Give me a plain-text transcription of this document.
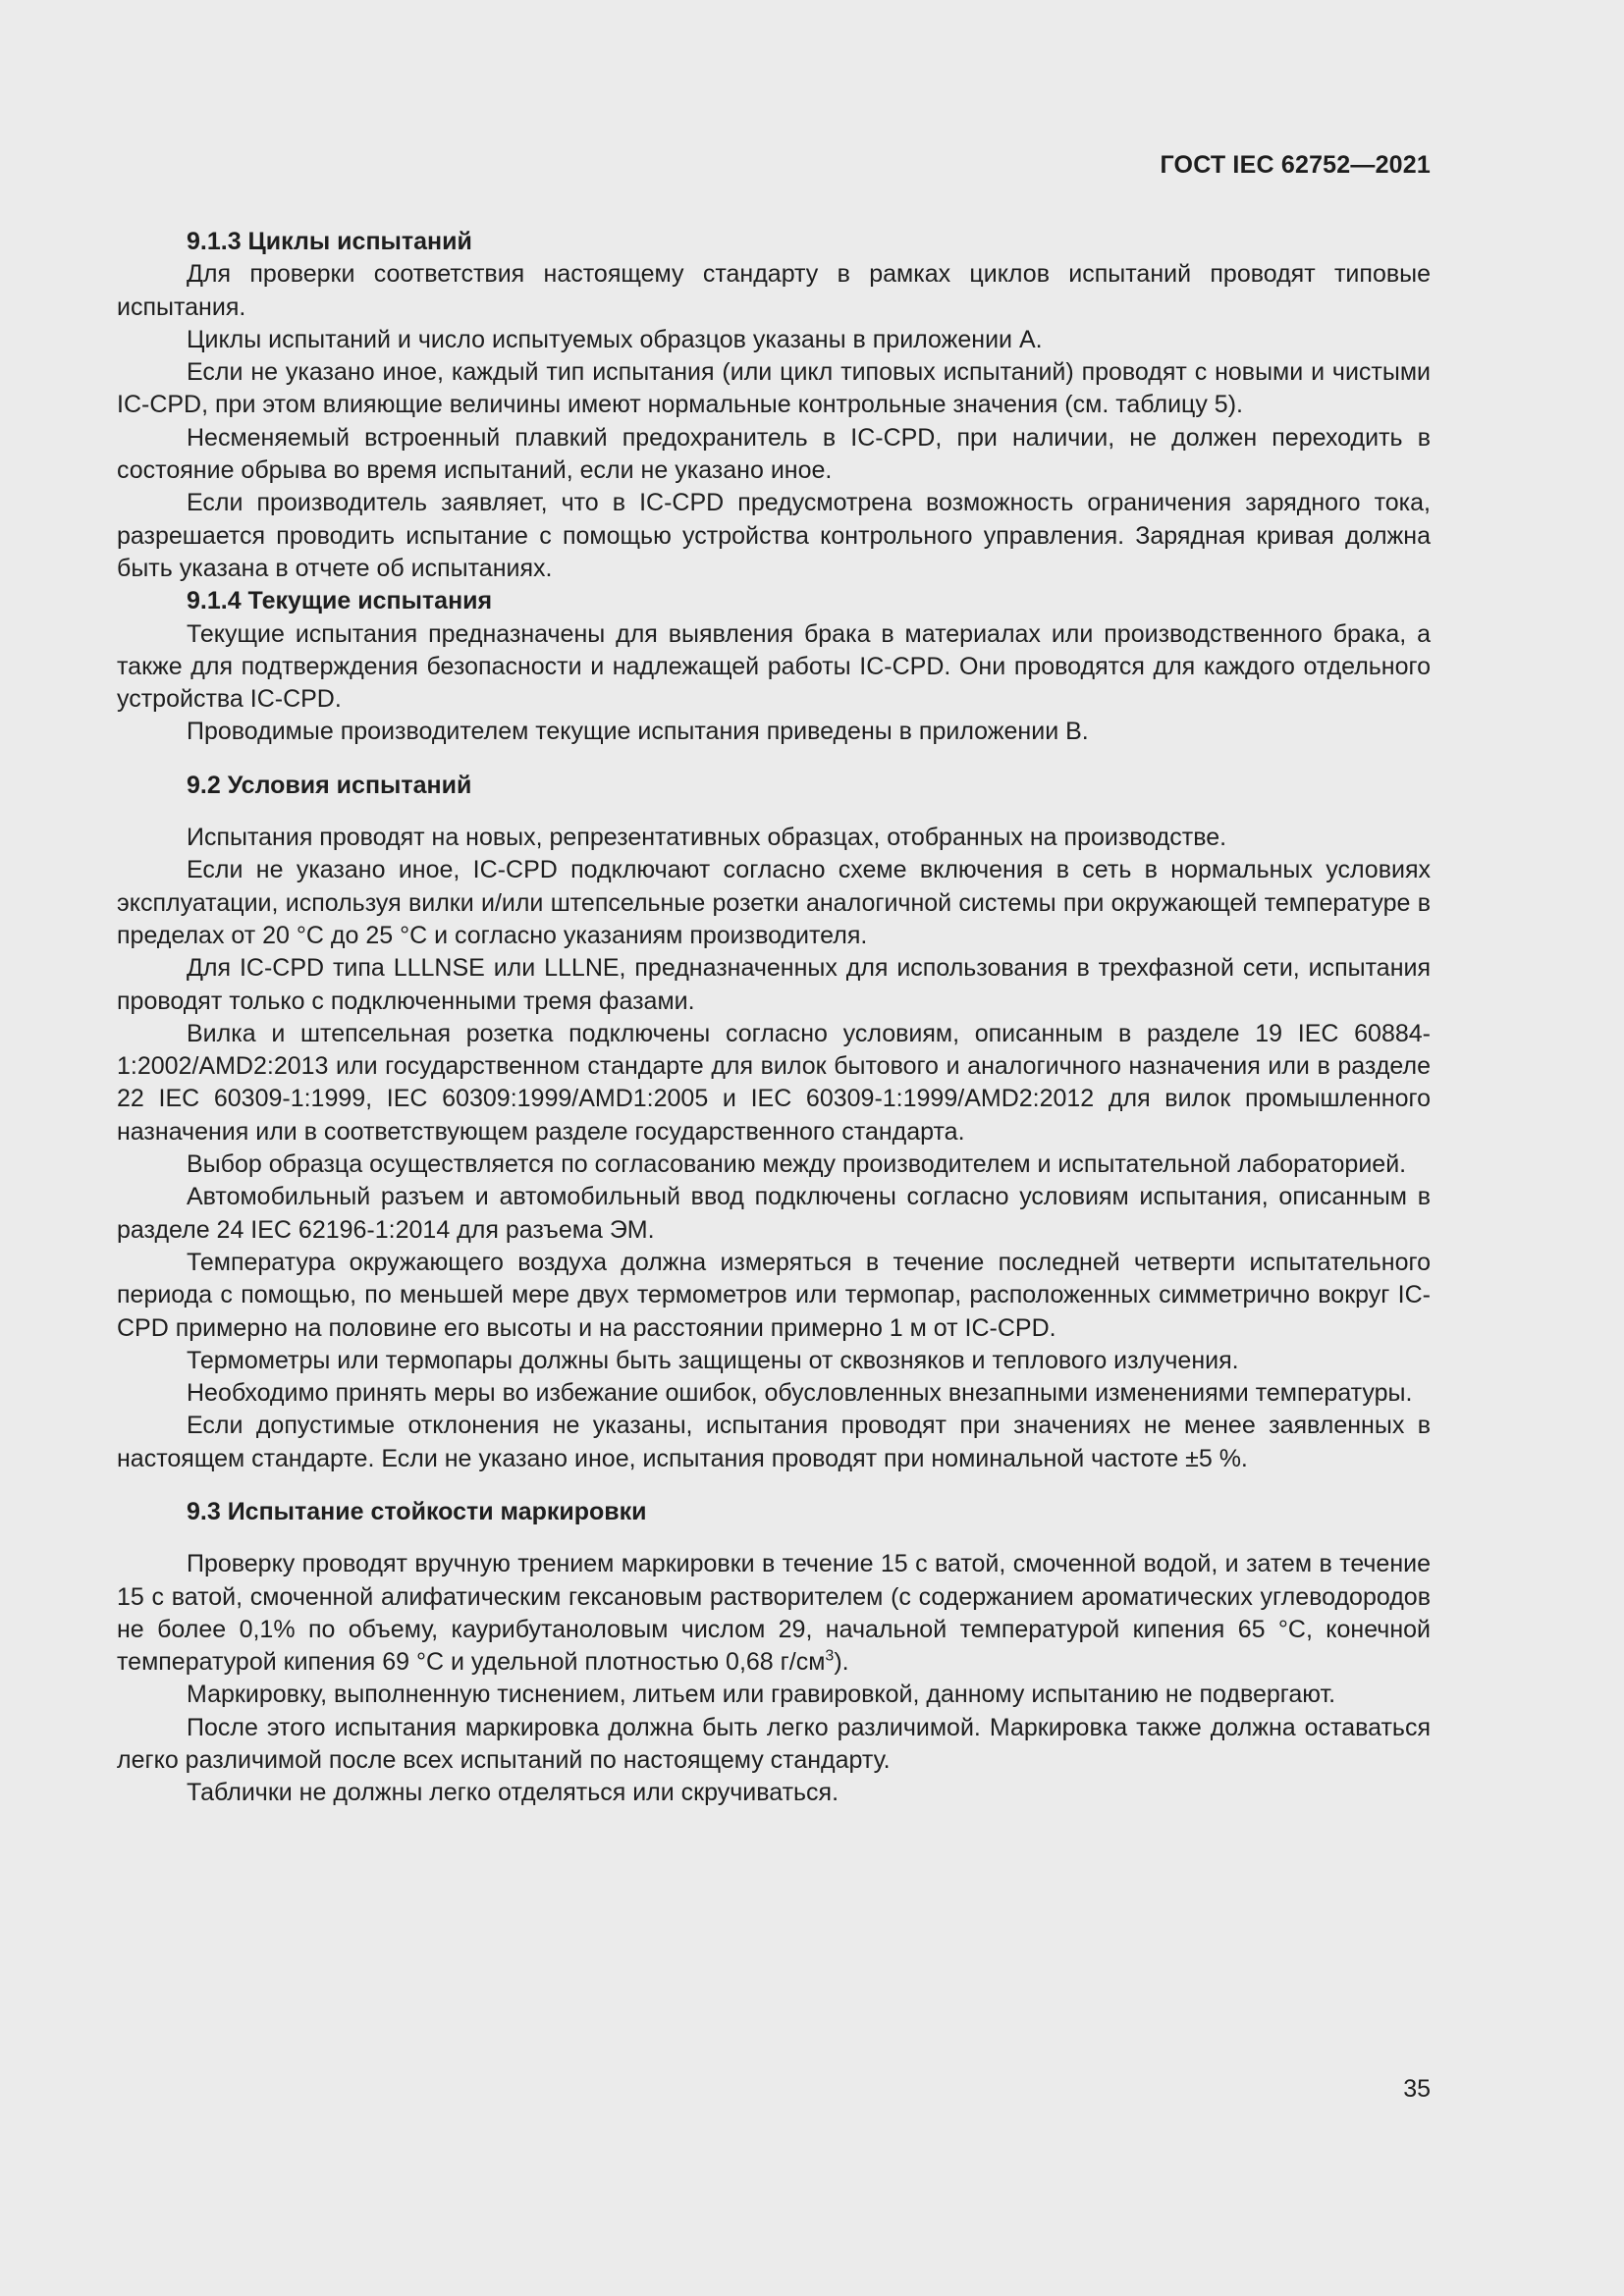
ГОСТ IEC 62752—2021
9.1.3 Циклы испытаний

Для проверки соответствия настоящему стандарту в рамках циклов испытаний проводят типовые испытания.

Циклы испытаний и число испытуемых образцов указаны в приложении А.

Если не указано иное, каждый тип испытания (или цикл типовых испытаний) проводят с новыми и чистыми IC-CPD, при этом влияющие величины имеют нормальные контрольные значения (см. таблицу 5).

Несменяемый встроенный плавкий предохранитель в IC-CPD, при наличии, не должен переходить в состояние обрыва во время испытаний, если не указано иное.

Если производитель заявляет, что в IC-CPD предусмотрена возможность ограничения зарядного тока, разрешается проводить испытание с помощью устройства контрольного управления. Зарядная кривая должна быть указана в отчете об испытаниях.

9.1.4 Текущие испытания

Текущие испытания предназначены для выявления брака в материалах или производственного брака, а также для подтверждения безопасности и надлежащей работы IC-CPD. Они проводятся для каждого отдельного устройства IC-CPD.

Проводимые производителем текущие испытания приведены в приложении В.

9.2 Условия испытаний

Испытания проводят на новых, репрезентативных образцах, отобранных на производстве.

Если не указано иное, IC-CPD подключают согласно схеме включения в сеть в нормальных условиях эксплуатации, используя вилки и/или штепсельные розетки аналогичной системы при окружающей температуре в пределах от 20 °С до 25 °С и согласно указаниям производителя.

Для IC-CPD типа LLLNSE или LLLNE, предназначенных для использования в трехфазной сети, испытания проводят только с подключенными тремя фазами.

Вилка и штепсельная розетка подключены согласно условиям, описанным в разделе 19 IEC 60884-1:2002/AMD2:2013 или государственном стандарте для вилок бытового и аналогичного назначения или в разделе 22 IEC 60309-1:1999, IEC 60309:1999/AMD1:2005 и IEC 60309-1:1999/AMD2:2012 для вилок промышленного назначения или в соответствующем разделе государственного стандарта.

Выбор образца осуществляется по согласованию между производителем и испытательной лабораторией.

Автомобильный разъем и автомобильный ввод подключены согласно условиям испытания, описанным в разделе 24 IEC 62196-1:2014 для разъема ЭМ.

Температура окружающего воздуха должна измеряться в течение последней четверти испытательного периода с помощью, по меньшей мере двух термометров или термопар, расположенных симметрично вокруг IC-CPD примерно на половине его высоты и на расстоянии примерно 1 м от IC-CPD.

Термометры или термопары должны быть защищены от сквозняков и теплового излучения.

Необходимо принять меры во избежание ошибок, обусловленных внезапными изменениями температуры.

Если допустимые отклонения не указаны, испытания проводят при значениях не менее заявленных в настоящем стандарте. Если не указано иное, испытания проводят при номинальной частоте ±5 %.

9.3 Испытание стойкости маркировки

Проверку проводят вручную трением маркировки в течение 15 с ватой, смоченной водой, и затем в течение 15 с ватой, смоченной алифатическим гексановым растворителем (с содержанием ароматических углеводородов не более 0,1% по объему, каурибутаноловым числом 29, начальной температурой кипения 65 °С, конечной температурой кипения 69 °С и удельной плотностью 0,68 $г/см^3$).

Маркировку, выполненную тиснением, литьем или гравировкой, данному испытанию не подвергают.

После этого испытания маркировка должна быть легко различимой. Маркировка также должна оставаться легко различимой после всех испытаний по настоящему стандарту.

Таблички не должны легко отделяться или скручиваться.

35
